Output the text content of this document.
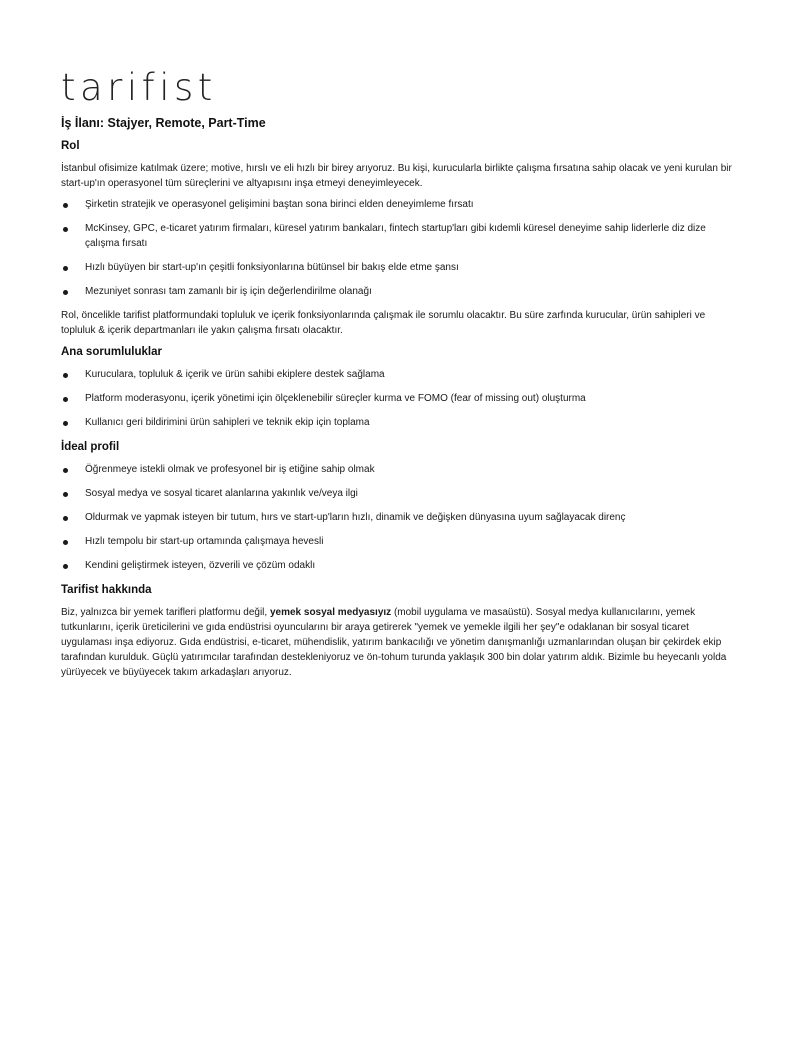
tarifist
İş İlanı: Stajyer, Remote, Part-Time
Rol

İstanbul ofisimize katılmak üzere; motive, hırslı ve eli hızlı bir birey arıyoruz. Bu kişi, kurucularla birlikte çalışma fırsatına sahip olacak ve yeni kurulan bir start-up'ın operasyonel tüm süreçlerini ve altyapısını inşa etmeyi deneyimleyecek.

Şirketin stratejik ve operasyonel gelişimini baştan sona birinci elden deneyimleme fırsatı
McKinsey, GPC, e-ticaret yatırım firmaları, küresel yatırım bankaları, fintech startup'ları gibi kıdemli küresel deneyime sahip liderlerle diz dize çalışma fırsatı
Hızlı büyüyen bir start-up'ın çeşitli fonksiyonlarına bütünsel bir bakış elde etme şansı
Mezuniyet sonrası tam zamanlı bir iş için değerlendirilme olanağı

Rol, öncelikle tarifist platformundaki topluluk ve içerik fonksiyonlarında çalışmak ile sorumlu olacaktır. Bu süre zarfında kurucular, ürün sahipleri ve topluluk & içerik departmanları ile yakın çalışma fırsatı olacaktır.

Ana sorumluluklar
Kuruculara, topluluk & içerik ve ürün sahibi ekiplere destek sağlama
Platform moderasyonu, içerik yönetimi için ölçeklenebilir süreçler kurma ve FOMO (fear of missing out) oluşturma
Kullanıcı geri bildirimini ürün sahipleri ve teknik ekip için toplama
İdeal profil
Öğrenmeye istekli olmak ve profesyonel bir iş etiğine sahip olmak
Sosyal medya ve sosyal ticaret alanlarına yakınlık ve/veya ilgi
Oldurmak ve yapmak isteyen bir tutum, hırs ve start-up'ların hızlı, dinamik ve değişken dünyasına uyum sağlayacak direnç
Hızlı tempolu bir start-up ortamında çalışmaya hevesli
Kendini geliştirmek isteyen, özverili ve çözüm odaklı
Tarifist hakkında

Biz, yalnızca bir yemek tarifleri platformu değil, yemek sosyal medyasıyız (mobil uygulama ve masaüstü). Sosyal medya kullanıcılarını, yemek tutkunlarını, içerik üreticilerini ve gıda endüstrisi oyuncularını bir araya getirerek "yemek ve yemekle ilgili her şey"e odaklanan bir sosyal ticaret uygulaması inşa ediyoruz. Gıda endüstrisi, e-ticaret, mühendislik, yatırım bankacılığı ve yönetim danışmanlığı uzmanlarından oluşan bir çekirdek ekip tarafından kurulduk. Güçlü yatırımcılar tarafından destekleniyoruz ve ön-tohum turunda yaklaşık 300 bin dolar yatırım aldık. Bizimle bu heyecanlı yolda yürüyecek ve büyüyecek takım arkadaşları arıyoruz.
